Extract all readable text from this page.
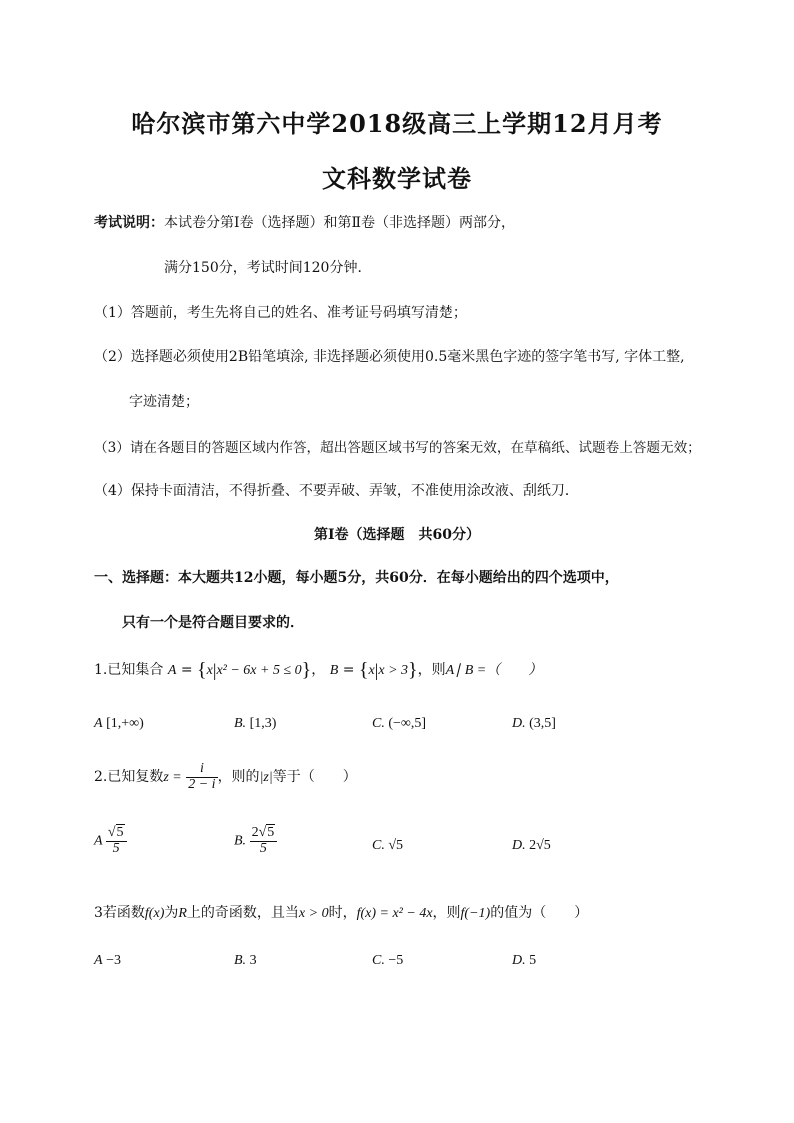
哈尔滨市第六中学2018级高三上学期12月月考
文科数学试卷
考试说明：本试卷分第Ⅰ卷（选择题）和第Ⅱ卷（非选择题）两部分，
满分150分，考试时间120分钟．
（1）答题前，考生先将自己的姓名、准考证号码填写清楚；
（2）选择题必须使用2B铅笔填涂, 非选择题必须使用0.5毫米黑色字迹的签字笔书写, 字体工整,
字迹清楚；
（3）请在各题目的答题区域内作答，超出答题区域书写的答案无效，在草稿纸、试题卷上答题无效；
（4）保持卡面清洁，不得折叠、不要弄破、弄皱，不准使用涂改液、刮纸刀．
第Ⅰ卷（选择题　共60分）
一、选择题：本大题共12小题，每小题5分，共60分．在每小题给出的四个选项中，
只有一个是符合题目要求的．
1.已知集合 A = {x|x² − 6x + 5 ≤ 0}， B = {x|x > 3}，则A∣ B =（　　）
A [1,+∞)	B. [1,3)	C. (−∞,5]	D. (3,5]
2.已知复数$z = \frac{i}{2 - i}$ ，则的|z|等于（　　）
A $\frac{√5}{5}$	B. $\frac{2√5}{5}$	C. √5	D. 2√5
3若函数f(x)为R上的奇函数，且当x > 0时，f(x) = x² − 4x，则f(−1)的值为（　　）
A −3	B. 3	C. −5	D. 5
